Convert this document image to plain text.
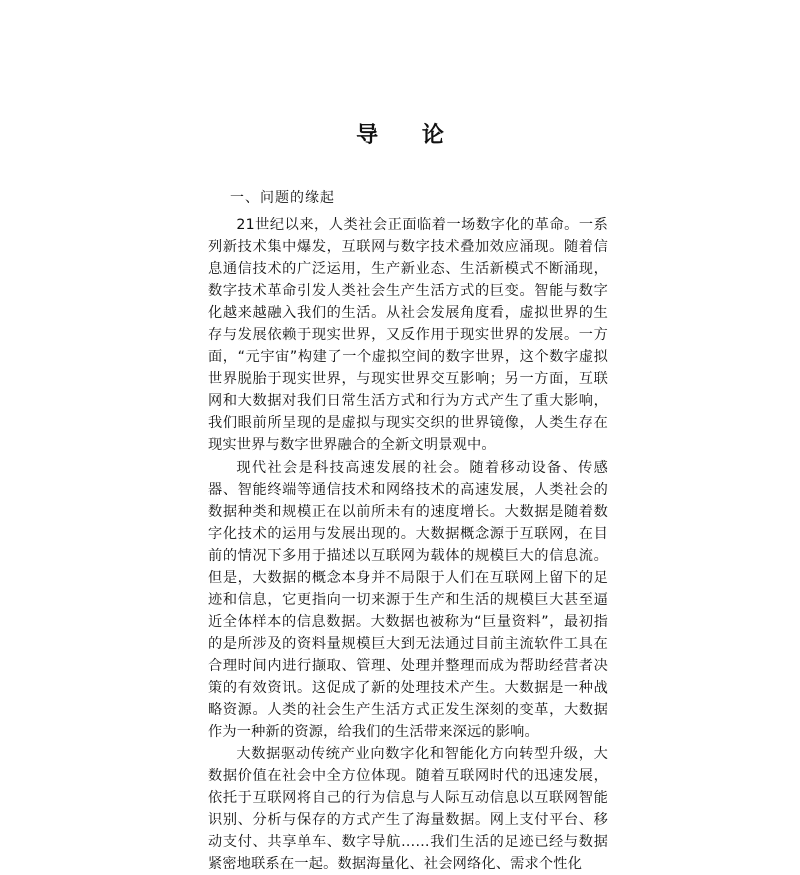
导 论
一、问题的缘起

21世纪以来，人类社会正面临着一场数字化的革命。一系列新技术集中爆发，互联网与数字技术叠加效应涌现。随着信息通信技术的广泛运用，生产新业态、生活新模式不断涌现，数字技术革命引发人类社会生产生活方式的巨变。智能与数字化越来越融入我们的生活。从社会发展角度看，虚拟世界的生存与发展依赖于现实世界，又反作用于现实世界的发展。一方面，“元宇宙”构建了一个虚拟空间的数字世界，这个数字虚拟世界脱胎于现实世界，与现实世界交互影响；另一方面，互联网和大数据对我们日常生活方式和行为方式产生了重大影响，我们眼前所呈现的是虚拟与现实交织的世界镜像，人类生存在现实世界与数字世界融合的全新文明景观中。

现代社会是科技高速发展的社会。随着移动设备、传感器、智能终端等通信技术和网络技术的高速发展，人类社会的数据种类和规模正在以前所未有的速度增长。大数据是随着数字化技术的运用与发展出现的。大数据概念源于互联网，在目前的情况下多用于描述以互联网为载体的规模巨大的信息流。但是，大数据的概念本身并不局限于人们在互联网上留下的足迹和信息，它更指向一切来源于生产和生活的规模巨大甚至逼近全体样本的信息数据。大数据也被称为“巨量资料”，最初指的是所涉及的资料量规模巨大到无法通过目前主流软件工具在合理时间内进行撷取、管理、处理并整理而成为帮助经营者决策的有效资讯。这促成了新的处理技术产生。大数据是一种战略资源。人类的社会生产生活方式正发生深刻的变革，大数据作为一种新的资源，给我们的生活带来深远的影响。

大数据驱动传统产业向数字化和智能化方向转型升级，大数据价值在社会中全方位体现。随着互联网时代的迅速发展，依托于互联网将自己的行为信息与人际互动信息以互联网智能识别、分析与保存的方式产生了海量数据。网上支付平台、移动支付、共享单车、数字导航……我们生活的足迹已经与数据紧密地联系在一起。数据海量化、社会网络化、需求个性化
